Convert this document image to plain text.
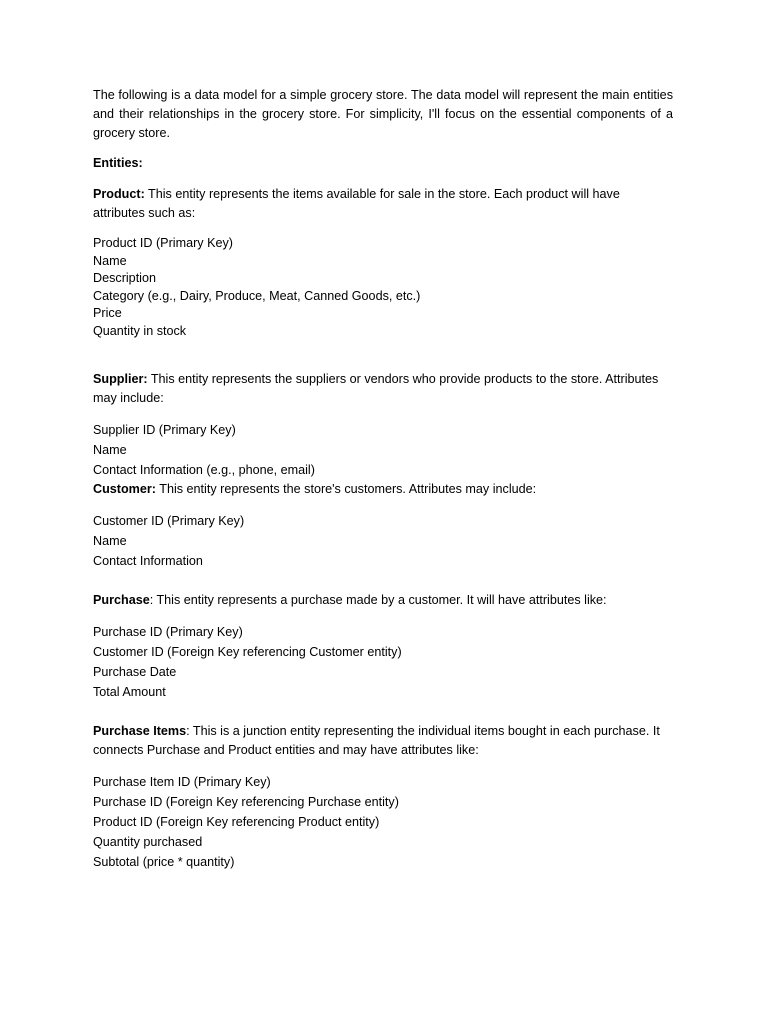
The following is a data model for a simple grocery store. The data model will represent the main entities and their relationships in the grocery store. For simplicity, I'll focus on the essential components of a grocery store.

Entities:

Product: This entity represents the items available for sale in the store. Each product will have attributes such as:

Product ID (Primary Key)
Name
Description
Category (e.g., Dairy, Produce, Meat, Canned Goods, etc.)
Price
Quantity in stock

Supplier: This entity represents the suppliers or vendors who provide products to the store. Attributes may include:

Supplier ID (Primary Key)
Name
Contact Information (e.g., phone, email)

Customer: This entity represents the store's customers. Attributes may include:

Customer ID (Primary Key)
Name
Contact Information

Purchase: This entity represents a purchase made by a customer. It will have attributes like:

Purchase ID (Primary Key)
Customer ID (Foreign Key referencing Customer entity)
Purchase Date
Total Amount

Purchase Items: This is a junction entity representing the individual items bought in each purchase. It connects Purchase and Product entities and may have attributes like:

Purchase Item ID (Primary Key)
Purchase ID (Foreign Key referencing Purchase entity)
Product ID (Foreign Key referencing Product entity)
Quantity purchased
Subtotal (price * quantity)
